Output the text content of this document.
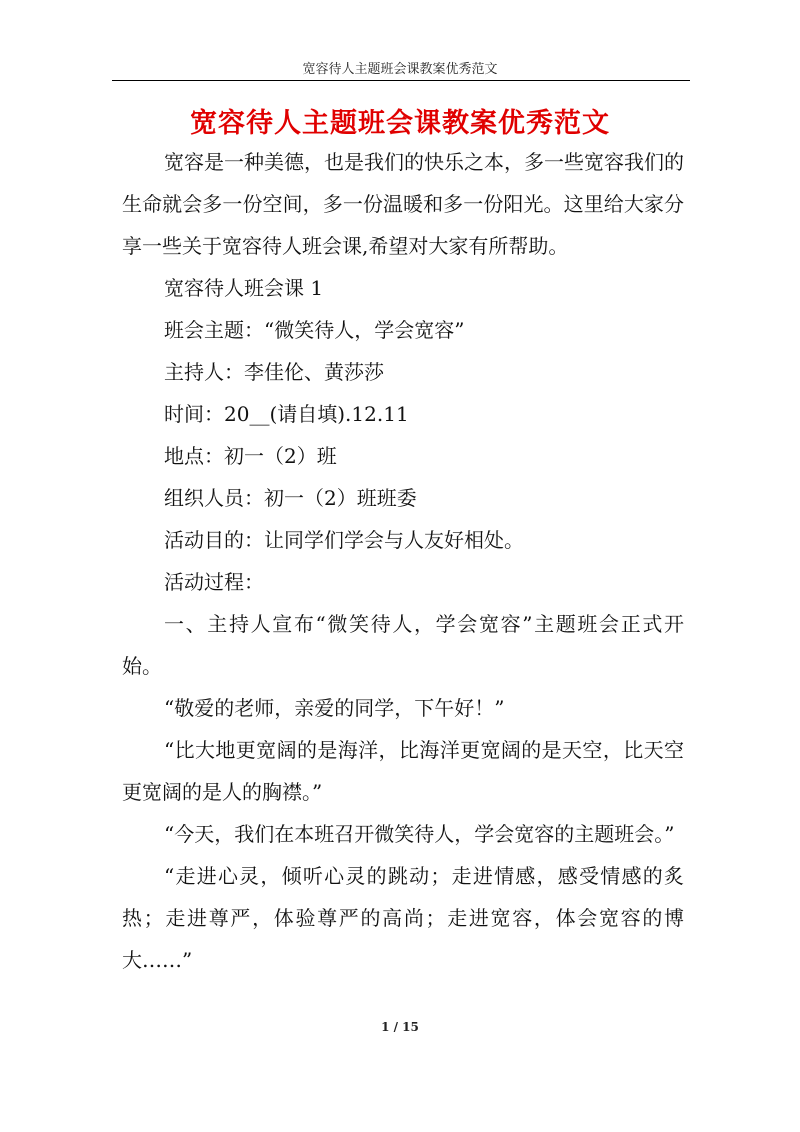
宽容待人主题班会课教案优秀范文
宽容待人主题班会课教案优秀范文

宽容是一种美德，也是我们的快乐之本，多一些宽容我们的生命就会多一份空间，多一份温暖和多一份阳光。这里给大家分享一些关于宽容待人班会课,希望对大家有所帮助。

宽容待人班会课 1

班会主题：“微笑待人，学会宽容”

主持人：李佳伦、黄莎莎

时间：20__(请自填).12.11

地点：初一（2）班

组织人员：初一（2）班班委

活动目的：让同学们学会与人友好相处。

活动过程：

一、主持人宣布“微笑待人，学会宽容”主题班会正式开始。

“敬爱的老师，亲爱的同学，下午好！”

“比大地更宽阔的是海洋，比海洋更宽阔的是天空，比天空更宽阔的是人的胸襟。”

“今天，我们在本班召开微笑待人，学会宽容的主题班会。”

“走进心灵，倾听心灵的跳动；走进情感，感受情感的炙热；走进尊严，体验尊严的高尚；走进宽容，体会宽容的博大……”

1 / 15
